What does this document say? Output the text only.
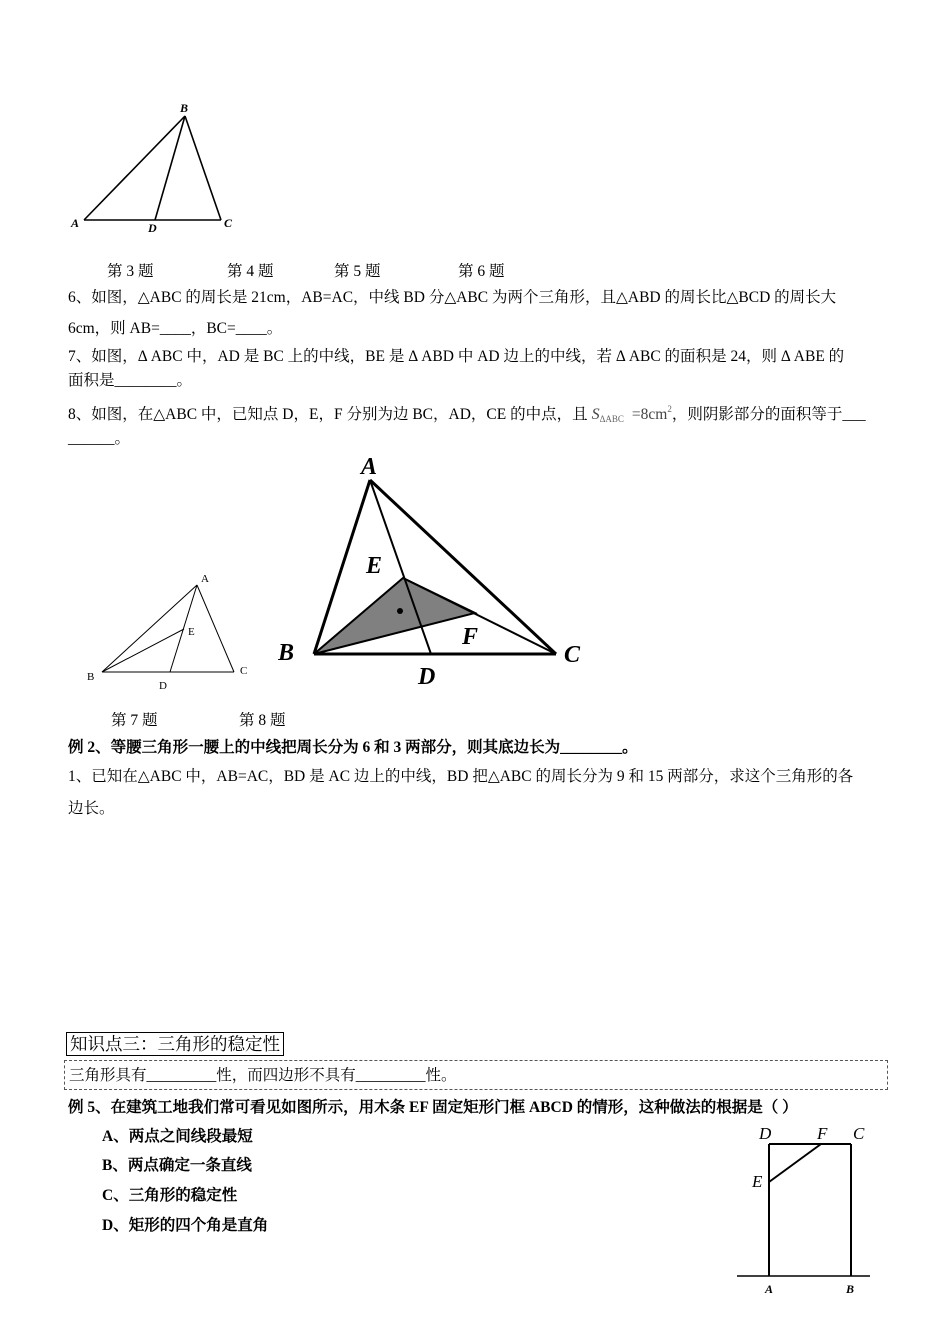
B
A	C
D
第 3 题	第 4 题	第 5 题	第 6 题
6、如图，△ABC 的周长是 21cm，AB=AC，中线 BD 分△ABC 为两个三角形，且△ABD 的周长比△BCD 的周长大
6cm，则 AB=____，BC=____。
7、如图，Δ ABC 中，AD 是 BC 上的中线，BE 是 Δ ABD 中 AD 边上的中线，若 Δ ABC 的面积是 24，则 Δ ABE 的
面积是________。
8、如图，在△ABC 中，已知点 D，E，F 分别为边 BC，AD，CE 的中点，且 $S_{\Delta ABC} =8cm^2$，则阴影部分的面积等于___
______。
A
E
B
D
C
A
E
F
B	C
D
第 7 题	第 8 题
例 2、等腰三角形一腰上的中线把周长分为 6 和 3 两部分，则其底边长为________。
1、已知在△ABC 中，AB=AC，BD 是 AC 边上的中线，BD 把△ABC 的周长分为 9 和 15 两部分，求这个三角形的各
边长。
知识点三：三角形的稳定性
三角形具有_________性，而四边形不具有_________性。
例 5、在建筑工地我们常可看见如图所示，用木条 EF 固定矩形门框 ABCD 的情形，这种做法的根据是（ ）
A、两点之间线段最短
B、两点确定一条直线
C、三角形的稳定性
D、矩形的四个角是直角
D	F C
E
A	B
